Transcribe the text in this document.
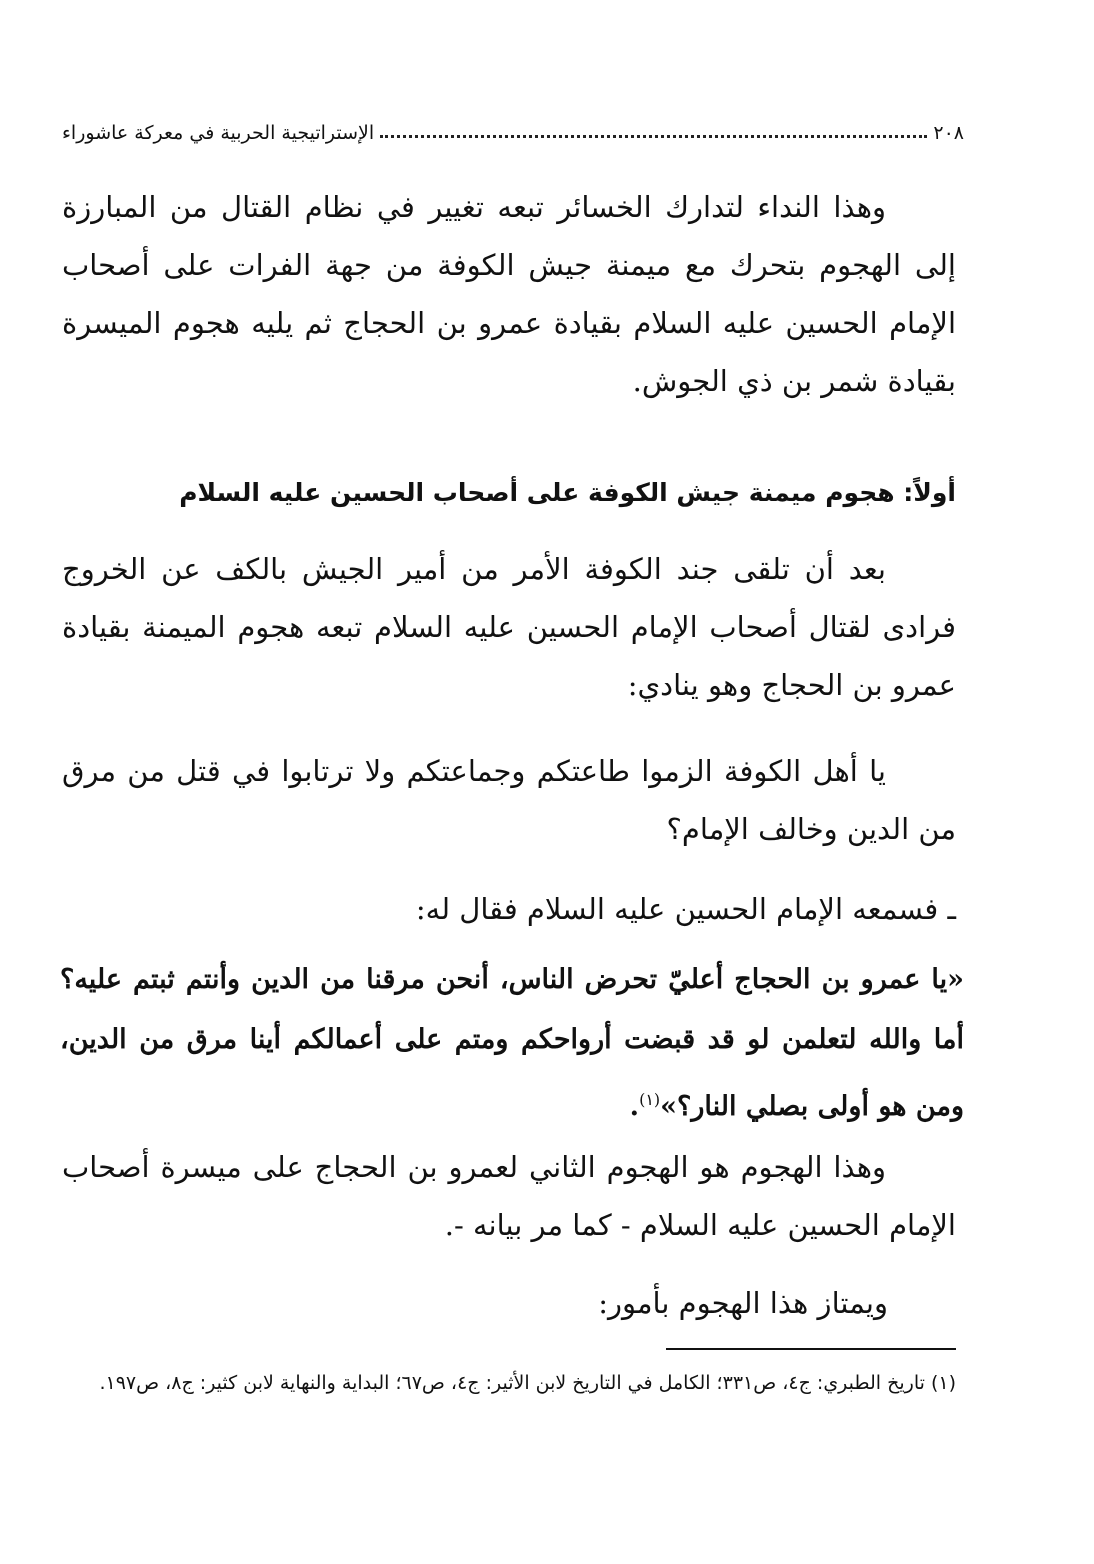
٢٠٨
الإستراتيجية الحربية في معركة عاشوراء
وهذا النداء لتدارك الخسائر تبعه تغيير في نظام القتال من المبارزة إلى الهجوم بتحرك مع ميمنة جيش الكوفة من جهة الفرات على أصحاب الإمام الحسين عليه السلام بقيادة عمرو بن الحجاج ثم يليه هجوم الميسرة بقيادة شمر بن ذي الجوش.
أولاً: هجوم ميمنة جيش الكوفة على أصحاب الحسين عليه السلام
بعد أن تلقى جند الكوفة الأمر من أمير الجيش بالكف عن الخروج فرادى لقتال أصحاب الإمام الحسين عليه السلام تبعه هجوم الميمنة بقيادة عمرو بن الحجاج وهو ينادي:
يا أهل الكوفة الزموا طاعتكم وجماعتكم ولا ترتابوا في قتل من مرق من الدين وخالف الإمام؟
ـ فسمعه الإمام الحسين عليه السلام فقال له:
«يا عمرو بن الحجاج أعليّ تحرض الناس، أنحن مرقنا من الدين وأنتم ثبتم عليه؟ أما والله لتعلمن لو قد قبضت أرواحكم ومتم على أعمالكم أينا مرق من الدين، ومن هو أولى بصلي النار؟»$^{(١)}$.
وهذا الهجوم هو الهجوم الثاني لعمرو بن الحجاج على ميسرة أصحاب الإمام الحسين عليه السلام - كما مر بيانه -.
ويمتاز هذا الهجوم بأمور:
(١) تاريخ الطبري: ج٤، ص٣٣١؛ الكامل في التاريخ لابن الأثير: ج٤، ص٦٧؛ البداية والنهاية لابن كثير: ج٨، ص١٩٧.
